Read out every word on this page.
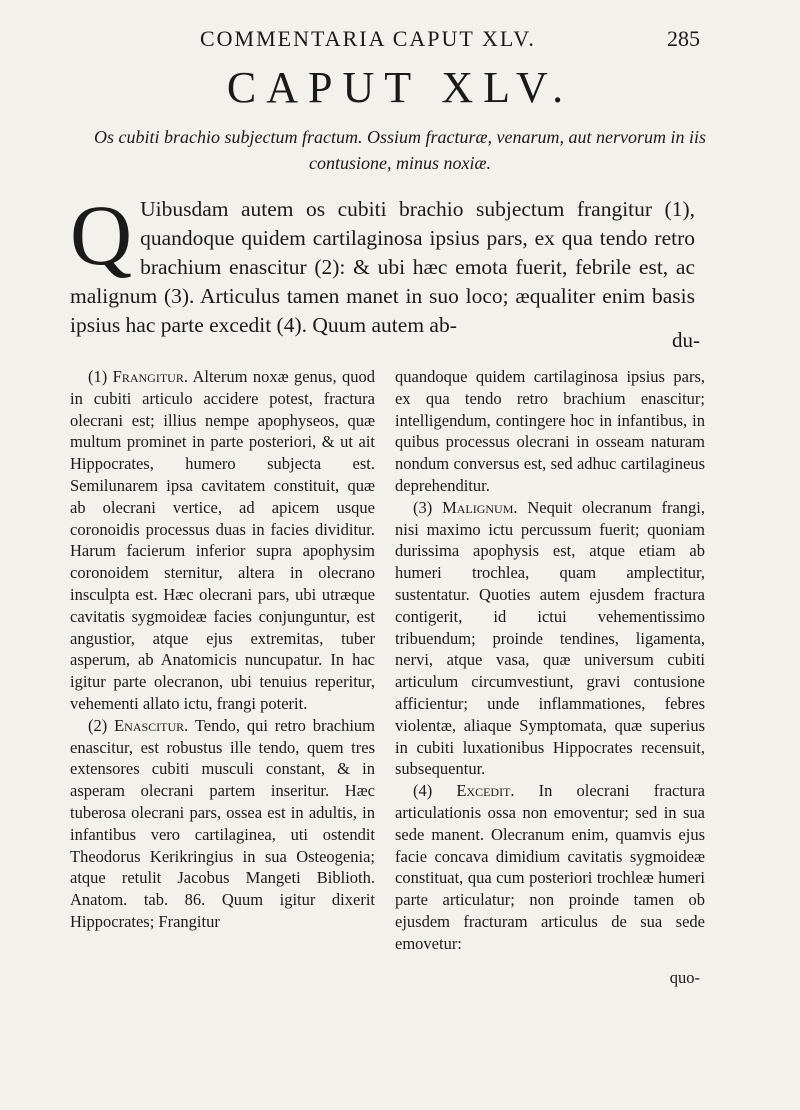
COMMENTARIA CAPUT XLV.	285
CAPUT XLV.
Os cubiti brachio subjectum fractum. Ossium fracturæ, venarum, aut nervorum in iis contusione, minus noxiæ.
Q Uibusdam autem os cubiti brachio subjectum frangitur (1), quandoque quidem cartilaginosa ipsius pars, ex qua tendo retro brachium enascitur (2): & ubi hæc emota fuerit, febrile est, ac malignum (3). Articulus tamen manet in suo loco; æqualiter enim basis ipsius hac parte excedit (4). Quum autem ab-
du-

(1) Frangitur. Alterum noxæ genus, quod in cubiti articulo accidere potest, fractura olecrani est; illius nempe apophyseos, quæ multum prominet in parte posteriori, & ut ait Hippocrates, humero subjecta est. Semilunarem ipsa cavitatem constituit, quæ ab olecrani vertice, ad apicem usque coronoidis processus duas in facies dividitur. Harum facierum inferior supra apophysim coronoidem sternitur, altera in olecrano insculpta est. Hæc olecrani pars, ubi utræque cavitatis sygmoideæ facies conjunguntur, est angustior, atque ejus extremitas, tuber asperum, ab Anatomicis nuncupatur. In hac igitur parte olecranon, ubi tenuius reperitur, vehementi allato ictu, frangi poterit.

(2) Enascitur. Tendo, qui retro brachium enascitur, est robustus ille tendo, quem tres extensores cubiti musculi constant, & in asperam olecrani partem inseritur. Hæc tuberosa olecrani pars, ossea est in adultis, in infantibus vero cartilaginea, uti ostendit Theodorus Kerikringius in sua Osteogenia; atque retulit Jacobus Mangeti Biblioth. Anatom. tab. 86. Quum igitur dixerit Hippocrates; Frangitur

quandoque quidem cartilaginosa ipsius pars, ex qua tendo retro brachium enascitur; intelligendum, contingere hoc in infantibus, in quibus processus olecrani in osseam naturam nondum conversus est, sed adhuc cartilagineus deprehenditur.

(3) Malignum. Nequit olecranum frangi, nisi maximo ictu percussum fuerit; quoniam durissima apophysis est, atque etiam ab humeri trochlea, quam amplectitur, sustentatur. Quoties autem ejusdem fractura contigerit, id ictui vehementissimo tribuendum; proinde tendines, ligamenta, nervi, atque vasa, quæ universum cubiti articulum circumvestiunt, gravi contusione afficientur; unde inflammationes, febres violentæ, aliaque Symptomata, quæ superius in cubiti luxationibus Hippocrates recensuit, subsequentur.

(4) Excedit. In olecrani fractura articulationis ossa non emoventur; sed in sua sede manent. Olecranum enim, quamvis ejus facie concava dimidium cavitatis sygmoideæ constituat, qua cum posteriori trochleæ humeri parte articulatur; non proinde tamen ob ejusdem fracturam articulus de sua sede emovetur:

quo-
